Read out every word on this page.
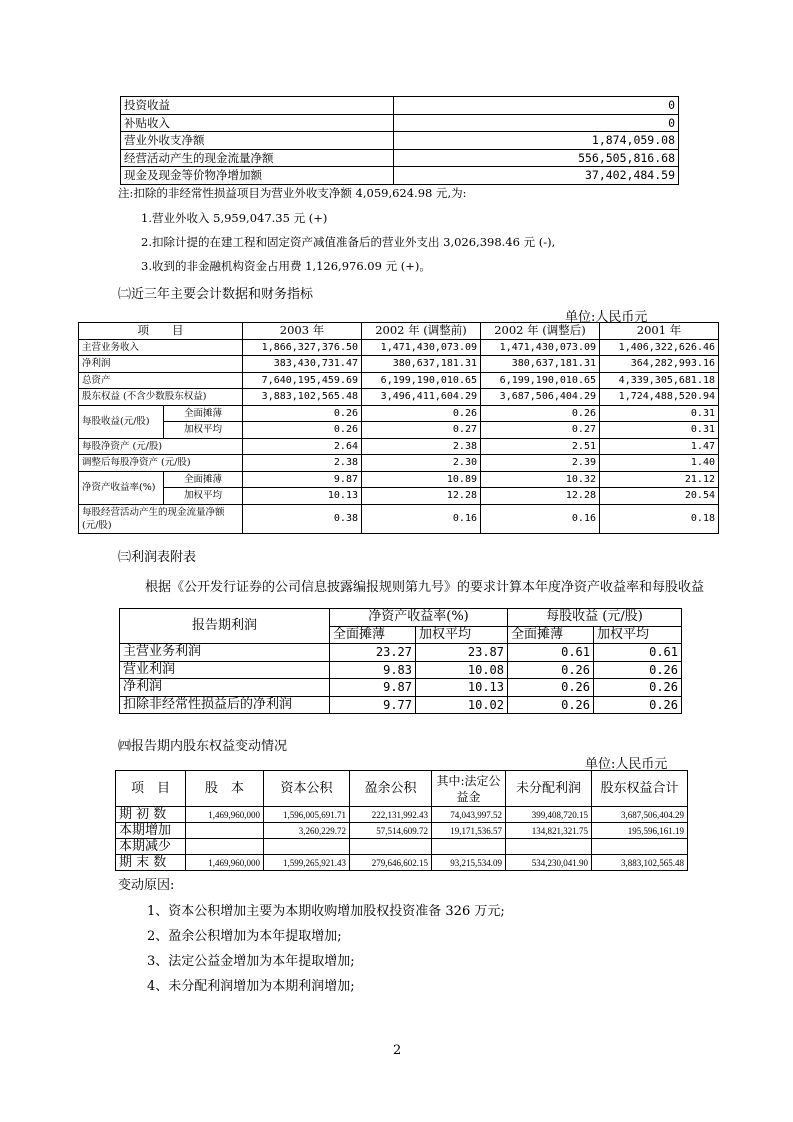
投资收益	0
补贴收入	0
营业外收支净额	1,874,059.08
经营活动产生的现金流量净额	556,505,816.68
现金及现金等价物净增加额	37,402,484.59
注:扣除的非经常性损益项目为营业外收支净额 4,059,624.98 元,为:
1.营业外收入 5,959,047.35 元 (+)
2.扣除计提的在建工程和固定资产减值准备后的营业外支出 3,026,398.46 元 (-),
3.收到的非金融机构资金占用费 1,126,976.09 元 (+)。
㈡近三年主要会计数据和财务指标
单位:人民币元
项　　目		2003 年	2002 年 (调整前)	2002 年 (调整后)	2001 年
主营业务收入		1,866,327,376.50	1,471,430,073.09	1,471,430,073.09	1,406,322,626.46
净利润		383,430,731.47	380,637,181.31	380,637,181.31	364,282,993.16
总资产		7,640,195,459.69	6,199,190,010.65	6,199,190,010.65	4,339,305,681.18
股东权益 (不含少数股东权益)		3,883,102,565.48	3,496,411,604.29	3,687,506,404.29	1,724,488,520.94
每股收益(元/股)	全面摊薄	0.26	0.26	0.26	0.31
	加权平均	0.26	0.27	0.27	0.31
每股净资产 (元/股)		2.64	2.38	2.51	1.47
调整后每股净资产 (元/股)		2.38	2.30	2.39	1.40
净资产收益率(%)	全面摊薄	9.87	10.89	10.32	21.12
	加权平均	10.13	12.28	12.28	20.54
每股经营活动产生的现金流量净额 (元/股)		0.38	0.16	0.16	0.18
㈢利润表附表
根据《公开发行证券的公司信息披露编报规则第九号》的要求计算本年度净资产收益率和每股收益
报告期利润	净资产收益率(%)		每股收益 (元/股)	
	全面摊薄	加权平均	全面摊薄	加权平均
主营业务利润	23.27	23.87	0.61	0.61
营业利润	9.83	10.08	0.26	0.26
净利润	9.87	10.13	0.26	0.26
扣除非经常性损益后的净利润	9.77	10.02	0.26	0.26
㈣报告期内股东权益变动情况
单位:人民币元
项　目	股　本	资本公积	盈余公积	其中:法定公益金	未分配利润	股东权益合计
期 初 数	1,469,960,000	1,596,005,691.71	222,131,992.43	74,043,997.52	399,408,720.15	3,687,506,404.29
本期增加		3,260,229.72	57,514,609.72	19,171,536.57	134,821,321.75	195,596,161.19
本期减少						
期 末 数	1,469,960,000	1,599,265,921.43	279,646,602.15	93,215,534.09	534,230,041.90	3,883,102,565.48
变动原因:
1、资本公积增加主要为本期收购增加股权投资准备 326 万元;
2、盈余公积增加为本年提取增加;
3、法定公益金增加为本年提取增加;
4、未分配利润增加为本期利润增加;
2
